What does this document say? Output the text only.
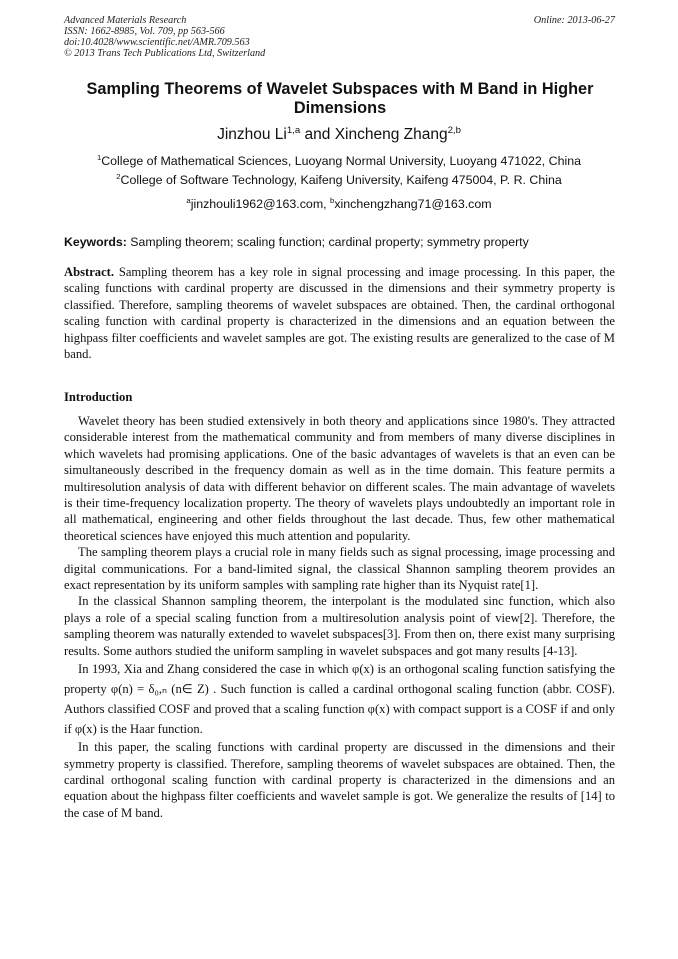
Advanced Materials Research
ISSN: 1662-8985, Vol. 709, pp 563-566
doi:10.4028/www.scientific.net/AMR.709.563
© 2013 Trans Tech Publications Ltd, Switzerland
Online: 2013-06-27
Sampling Theorems of Wavelet Subspaces with M Band in Higher Dimensions
Jinzhou Li$^{1,a}$ and Xincheng Zhang$^{2,b}$
$^1$College of Mathematical Sciences, Luoyang Normal University, Luoyang 471022, China
$^2$College of Software Technology, Kaifeng University, Kaifeng 475004, P. R. China
$^a$jinzhouli1962@163.com, $^b$xinchengzhang71@163.com
Keywords: Sampling theorem; scaling function; cardinal property; symmetry property

Abstract. Sampling theorem has a key role in signal processing and image processing. In this paper, the scaling functions with cardinal property are discussed in the dimensions and their symmetry property is classified. Therefore, sampling theorems of wavelet subspaces are obtained. Then, the cardinal orthogonal scaling function with cardinal property is characterized in the dimensions and an equation between the highpass filter coefficients and wavelet samples are got. The existing results are generalized to the case of M band.

Introduction

Wavelet theory has been studied extensively in both theory and applications since 1980's. They attracted considerable interest from the mathematical community and from members of many diverse disciplines in which wavelets had promising applications. One of the basic advantages of wavelets is that an even can be simultaneously described in the frequency domain as well as in the time domain. This feature permits a multiresolution analysis of data with different behavior on different scales. The main advantage of wavelets is their time-frequency localization property. The theory of wavelets plays undoubtedly an important role in all mathematical, engineering and other fields throughout the last decade. Thus, few other mathematical theoretical sciences have enjoyed this much attention and popularity.

The sampling theorem plays a crucial role in many fields such as signal processing, image processing and digital communications. For a band-limited signal, the classical Shannon sampling theorem provides an exact representation by its uniform samples with sampling rate higher than its Nyquist rate[1].

In the classical Shannon sampling theorem, the interpolant is the modulated sinc function, which also plays a role of a special scaling function from a multiresolution analysis point of view[2]. Therefore, the sampling theorem was naturally extended to wavelet subspaces[3]. From then on, there exist many surprising results. Some authors studied the uniform sampling in wavelet subspaces and got many results [4-13].

In 1993, Xia and Zhang considered the case in which φ(x) is an orthogonal scaling function satisfying the property φ(n) = δ₀,ₙ (n∈ Z) . Such function is called a cardinal orthogonal scaling function (abbr. COSF). Authors classified COSF and proved that a scaling function φ(x) with compact support is a COSF if and only if φ(x) is the Haar function.

In this paper, the scaling functions with cardinal property are discussed in the dimensions and their symmetry property is classified. Therefore, sampling theorems of wavelet subspaces are obtained. Then, the cardinal orthogonal scaling function with cardinal property is characterized in the dimensions and an equation about the highpass filter coefficients and wavelet sample is got. We generalize the results of [14] to the case of M band.
